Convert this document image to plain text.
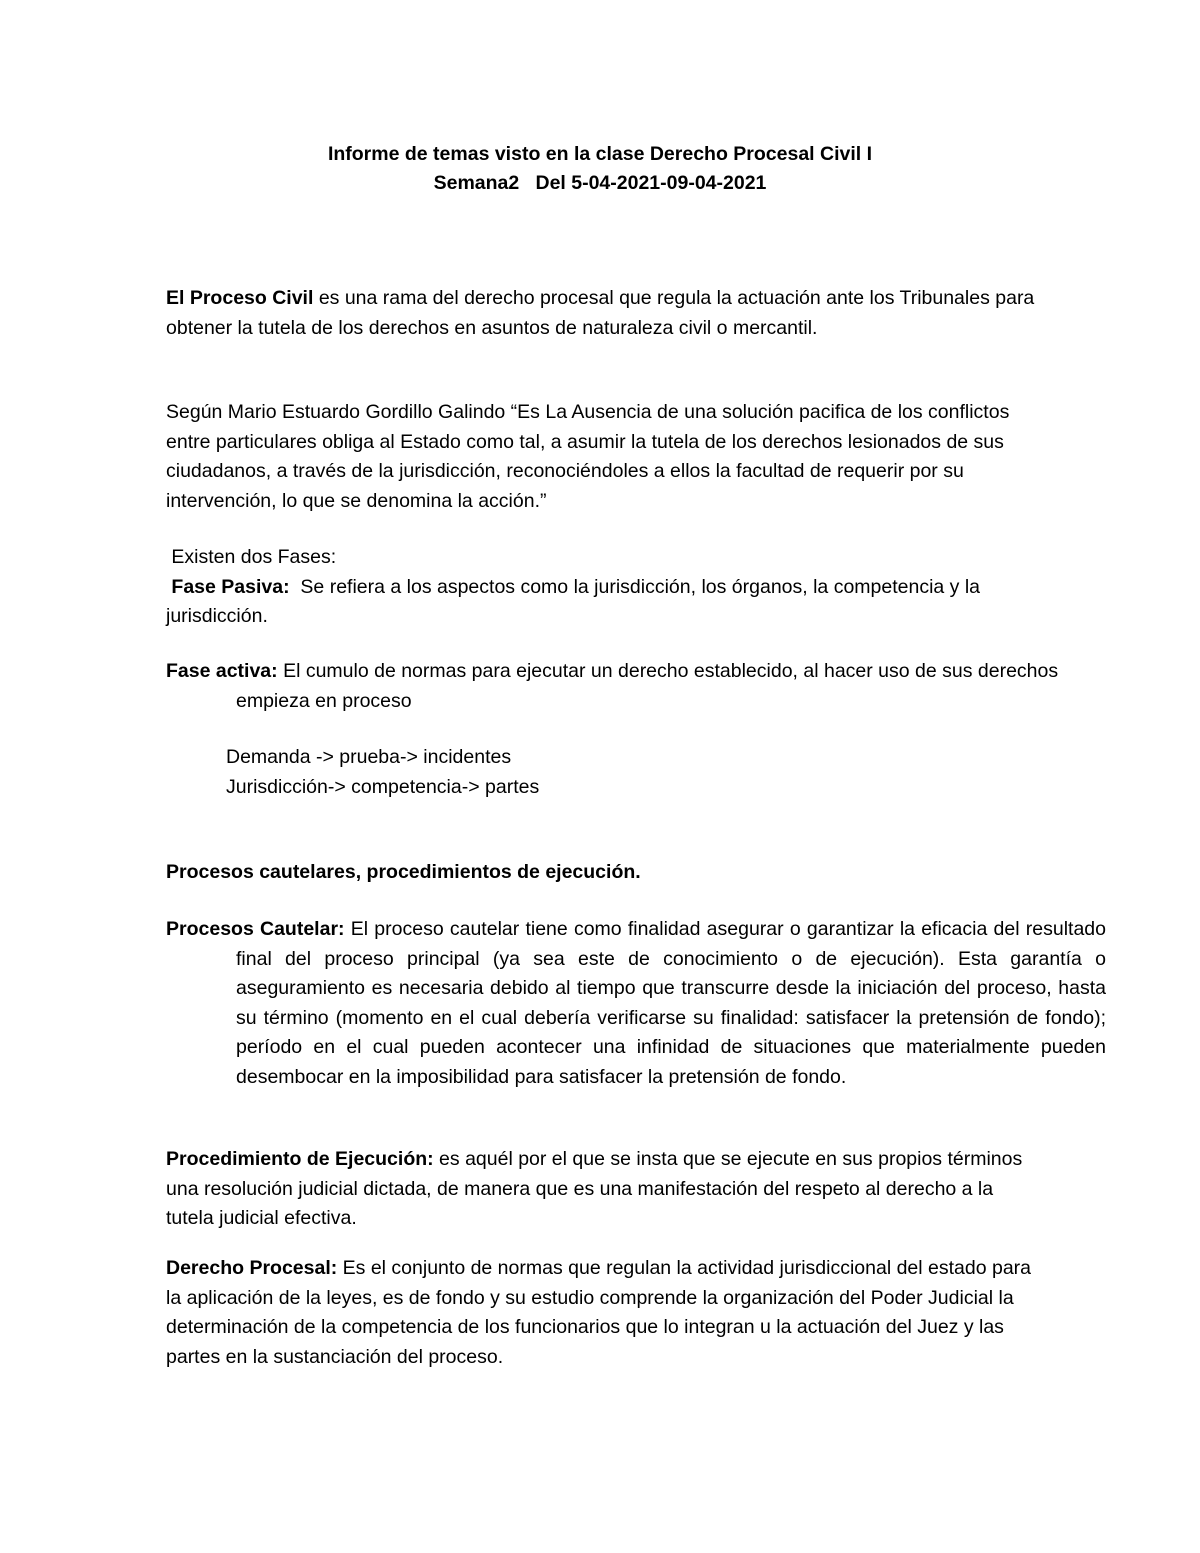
Informe de temas visto en la clase Derecho Procesal Civil I
Semana2   Del 5-04-2021-09-04-2021
El Proceso Civil es una rama del derecho procesal que regula la actuación ante los Tribunales para obtener la tutela de los derechos en asuntos de naturaleza civil o mercantil.
Según Mario Estuardo Gordillo Galindo “Es La Ausencia de una solución pacifica de los conflictos entre particulares obliga al Estado como tal, a asumir la tutela de los derechos lesionados de sus ciudadanos, a través de la jurisdicción, reconociéndoles a ellos la facultad de requerir por su intervención, lo que se denomina la acción.”
Existen dos Fases:
Fase Pasiva:  Se refiera a los aspectos como la jurisdicción, los órganos, la competencia y la jurisdicción.
Fase activa: El cumulo de normas para ejecutar un derecho establecido, al hacer uso de sus derechos empieza en proceso
Demanda -> prueba-> incidentes
Jurisdicción-> competencia-> partes
Procesos cautelares, procedimientos de ejecución.
Procesos Cautelar: El proceso cautelar tiene como finalidad asegurar o garantizar la eficacia del resultado final del proceso principal (ya sea este de conocimiento o de ejecución). Esta garantía o aseguramiento es necesaria debido al tiempo que transcurre desde la iniciación del proceso, hasta su término (momento en el cual debería verificarse su finalidad: satisfacer la pretensión de fondo); período en el cual pueden acontecer una infinidad de situaciones que materialmente pueden desembocar en la imposibilidad para satisfacer la pretensión de fondo.
Procedimiento de Ejecución: es aquél por el que se insta que se ejecute en sus propios términos una resolución judicial dictada, de manera que es una manifestación del respeto al derecho a la tutela judicial efectiva.
Derecho Procesal: Es el conjunto de normas que regulan la actividad jurisdiccional del estado para la aplicación de la leyes, es de fondo y su estudio comprende la organización del Poder Judicial la determinación de la competencia de los funcionarios que lo integran u la actuación del Juez y las partes en la sustanciación del proceso.
